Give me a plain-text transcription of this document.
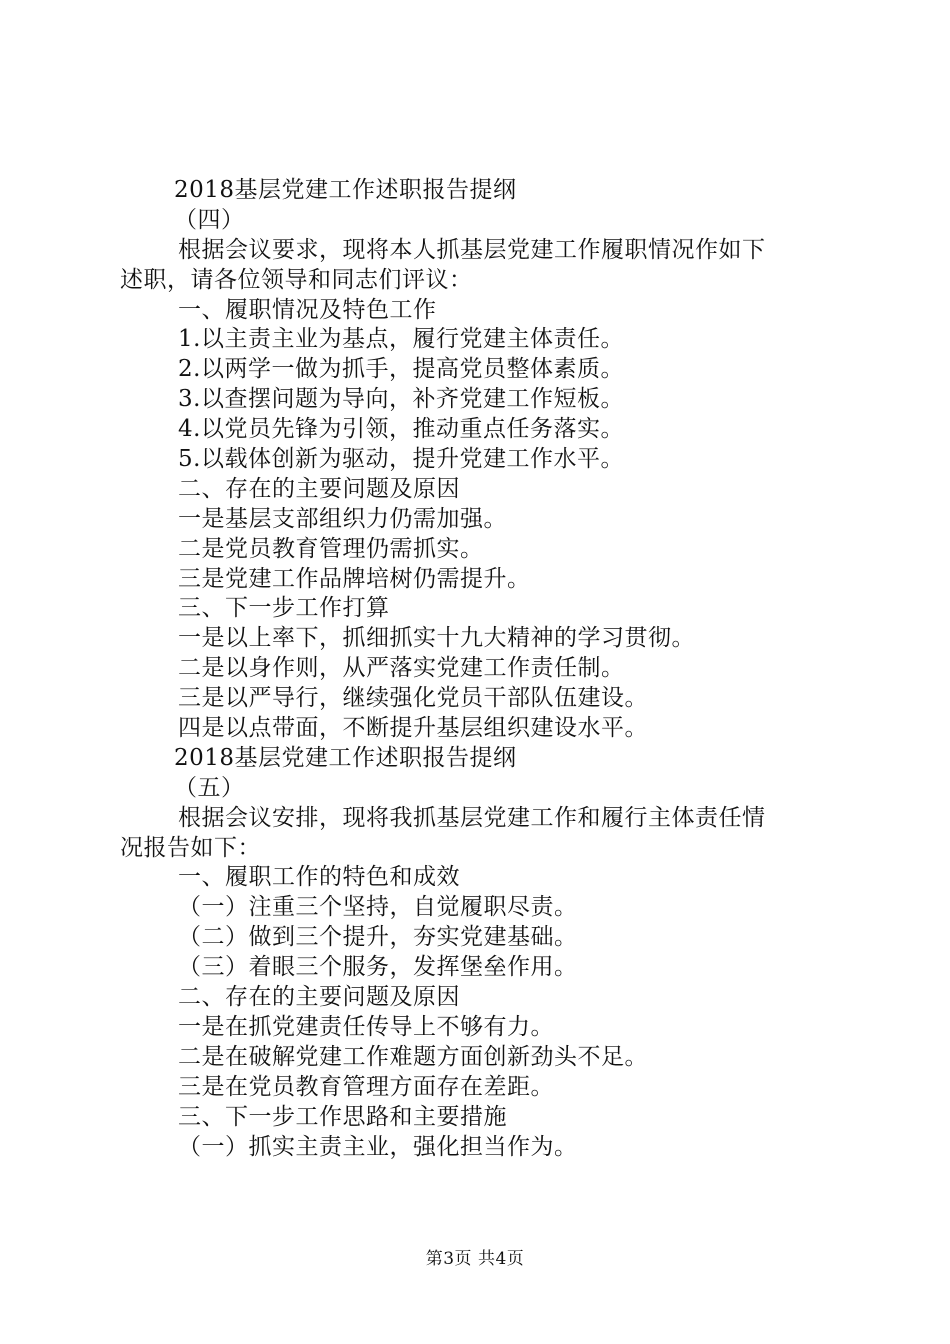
2018基层党建工作述职报告提纲

（四）

根据会议要求，现将本人抓基层党建工作履职情况作如下

述职，请各位领导和同志们评议：

一、履职情况及特色工作

1.以主责主业为基点，履行党建主体责任。

2.以两学一做为抓手，提高党员整体素质。

3.以查摆问题为导向，补齐党建工作短板。

4.以党员先锋为引领，推动重点任务落实。

5.以载体创新为驱动，提升党建工作水平。

二、存在的主要问题及原因

一是基层支部组织力仍需加强。

二是党员教育管理仍需抓实。

三是党建工作品牌培树仍需提升。

三、下一步工作打算

一是以上率下，抓细抓实十九大精神的学习贯彻。

二是以身作则，从严落实党建工作责任制。

三是以严导行，继续强化党员干部队伍建设。

四是以点带面，不断提升基层组织建设水平。

2018基层党建工作述职报告提纲

（五）

根据会议安排，现将我抓基层党建工作和履行主体责任情

况报告如下：

一、履职工作的特色和成效

（一）注重三个坚持，自觉履职尽责。

（二）做到三个提升，夯实党建基础。

（三）着眼三个服务，发挥堡垒作用。

二、存在的主要问题及原因

一是在抓党建责任传导上不够有力。

二是在破解党建工作难题方面创新劲头不足。

三是在党员教育管理方面存在差距。

三、下一步工作思路和主要措施

（一）抓实主责主业，强化担当作为。

第3页 共4页
